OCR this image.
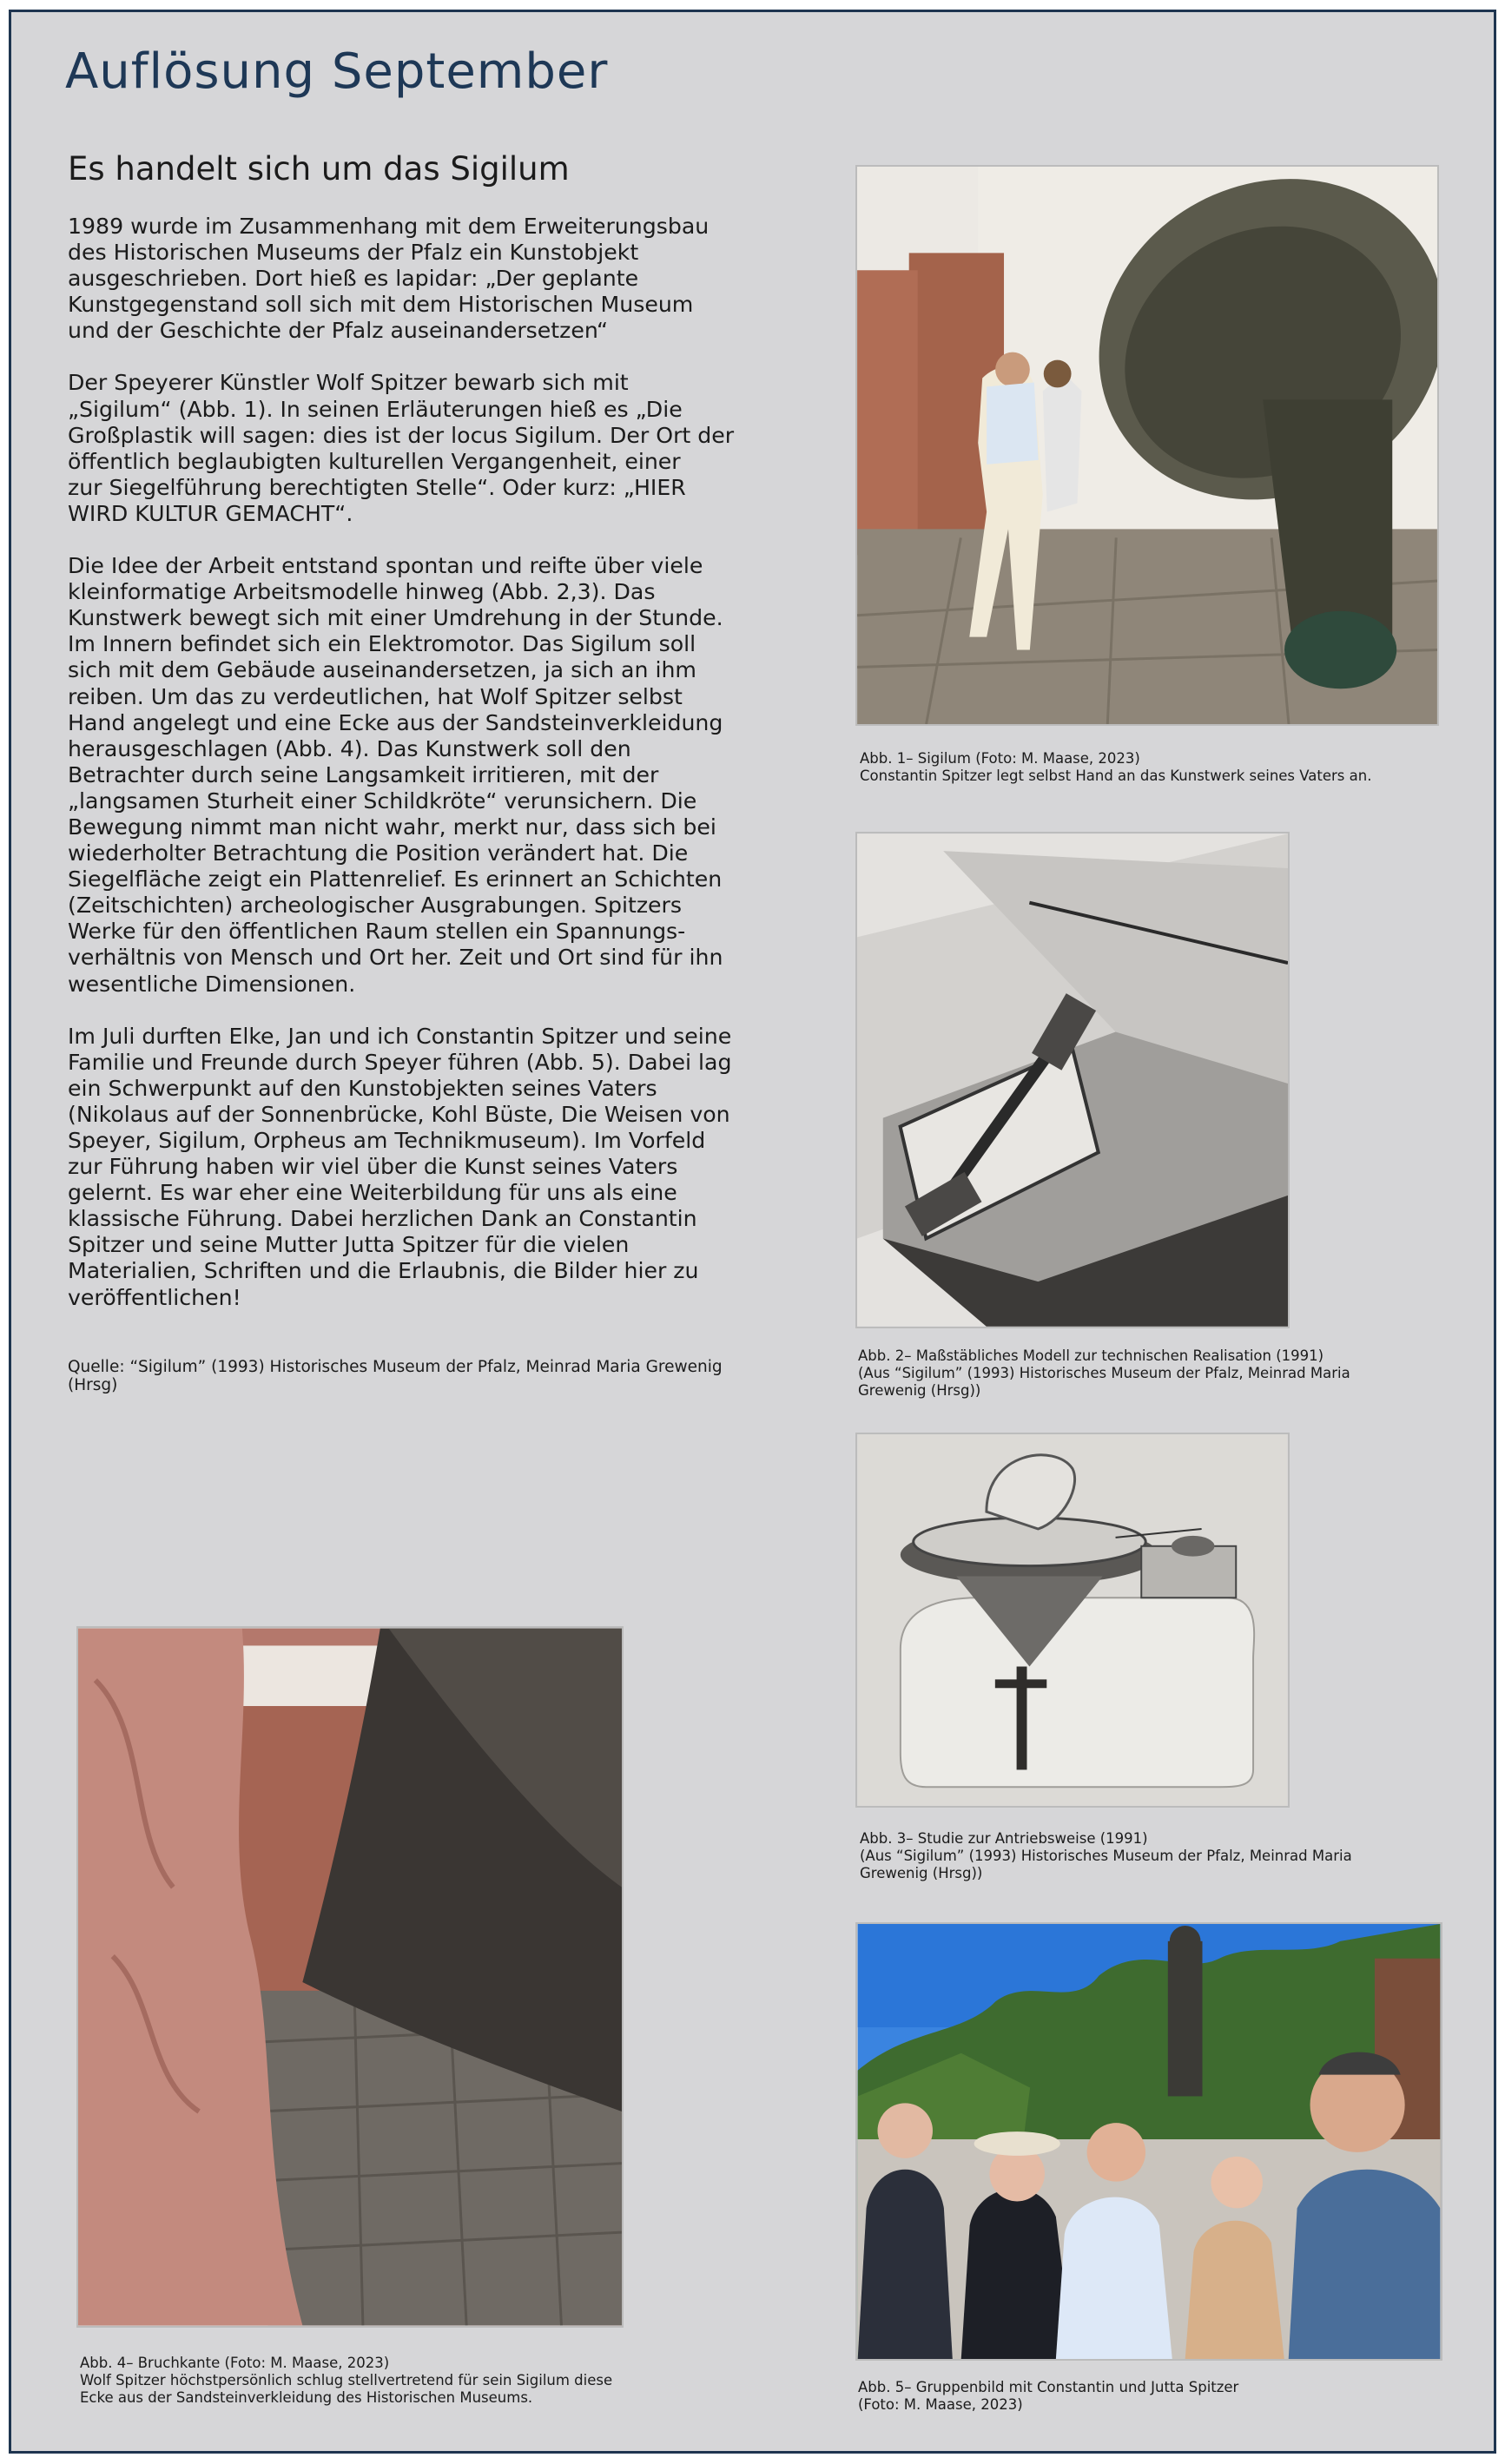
Auflösung September
Es handelt sich um das Sigilum

1989 wurde im Zusammenhang mit dem Erweiterungsbau
des Historischen Museums der Pfalz ein Kunstobjekt
ausgeschrieben. Dort hieß es lapidar: „Der geplante
Kunstgegenstand soll sich mit dem Historischen Museum
und der Geschichte der Pfalz auseinandersetzen“

Der Speyerer Künstler Wolf Spitzer bewarb sich mit
„Sigilum“ (Abb. 1). In seinen Erläuterungen hieß es „Die
Großplastik will sagen: dies ist der locus Sigilum. Der Ort der
öffentlich beglaubigten kulturellen Vergangenheit, einer
zur Siegelführung berechtigten Stelle“. Oder kurz: „HIER
WIRD KULTUR GEMACHT“.

Die Idee der Arbeit entstand spontan und reifte über viele
kleinformatige Arbeitsmodelle hinweg (Abb. 2,3). Das
Kunstwerk bewegt sich mit einer Umdrehung in der Stunde.
Im Innern befindet sich ein Elektromotor. Das Sigilum soll
sich mit dem Gebäude auseinandersetzen, ja sich an ihm
reiben. Um das zu verdeutlichen, hat Wolf Spitzer selbst
Hand angelegt und eine Ecke aus der Sandsteinverkleidung
herausgeschlagen (Abb. 4). Das Kunstwerk soll den
Betrachter durch seine Langsamkeit irritieren, mit der
„langsamen Sturheit einer Schildkröte“ verunsichern. Die
Bewegung nimmt man nicht wahr, merkt nur, dass sich bei
wiederholter Betrachtung die Position verändert hat. Die
Siegelfläche zeigt ein Plattenrelief. Es erinnert an Schichten
(Zeitschichten) archeologischer Ausgrabungen. Spitzers
Werke für den öffentlichen Raum stellen ein Spannungs-
verhältnis von Mensch und Ort her. Zeit und Ort sind für ihn
wesentliche Dimensionen.

Im Juli durften Elke, Jan und ich Constantin Spitzer und seine
Familie und Freunde durch Speyer führen (Abb. 5). Dabei lag
ein Schwerpunkt auf den Kunstobjekten seines Vaters
(Nikolaus auf der Sonnenbrücke, Kohl Büste, Die Weisen von
Speyer, Sigilum, Orpheus am Technikmuseum). Im Vorfeld
zur Führung haben wir viel über die Kunst seines Vaters
gelernt. Es war eher eine Weiterbildung für uns als eine
klassische Führung. Dabei herzlichen Dank an Constantin
Spitzer und seine Mutter Jutta Spitzer für die vielen
Materialien, Schriften und die Erlaubnis, die Bilder hier zu
veröffentlichen!

Quelle: “Sigilum” (1993) Historisches Museum der Pfalz, Meinrad Maria Grewenig
(Hrsg)
Abb. 1– Sigilum (Foto: M. Maase, 2023)
Constantin Spitzer legt selbst Hand an das Kunstwerk seines Vaters an.
Abb. 2– Maßstäbliches Modell zur technischen Realisation (1991)
(Aus “Sigilum” (1993) Historisches Museum der Pfalz, Meinrad Maria
Grewenig (Hrsg))
Abb. 3– Studie zur Antriebsweise (1991)
(Aus “Sigilum” (1993) Historisches Museum der Pfalz, Meinrad Maria
Grewenig (Hrsg))
Abb. 4– Bruchkante (Foto: M. Maase, 2023)
Wolf Spitzer höchstpersönlich schlug stellvertretend für sein Sigilum diese
Ecke aus der Sandsteinverkleidung des Historischen Museums.
Abb. 5– Gruppenbild mit Constantin und Jutta Spitzer
(Foto: M. Maase, 2023)
